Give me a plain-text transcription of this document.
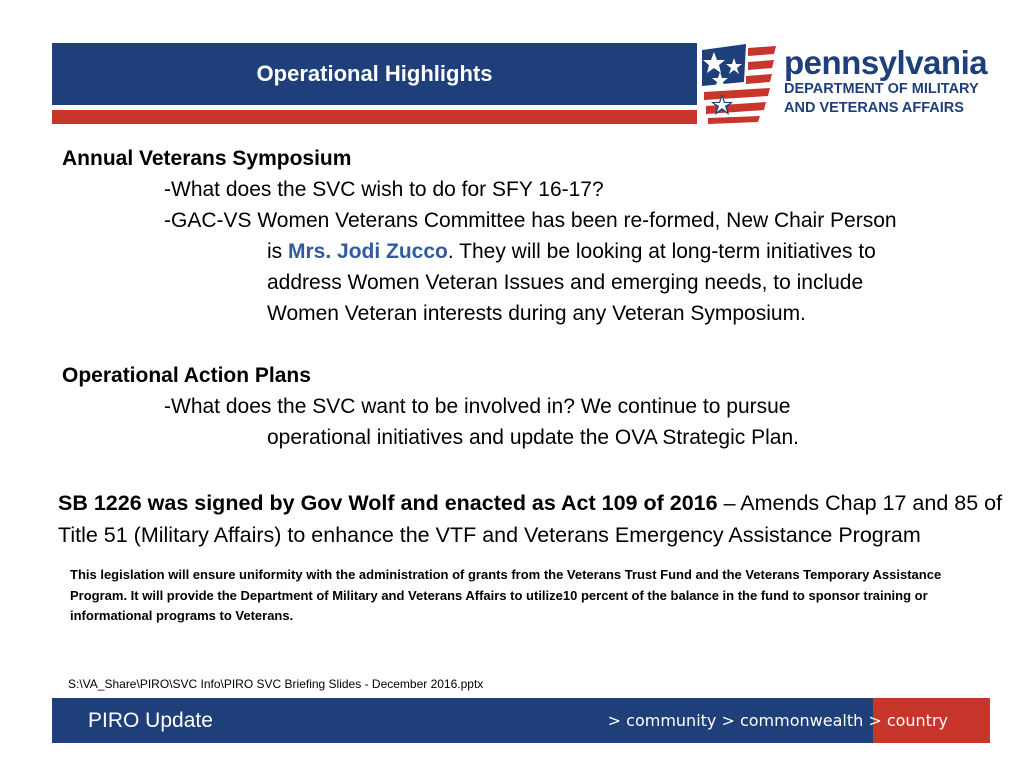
Operational Highlights	pennsylvania
DEPARTMENT OF MILITARY
AND VETERANS AFFAIRS
Annual Veterans Symposium
-What does the SVC wish to do for SFY 16-17?
-GAC-VS Women Veterans Committee has been re-formed, New Chair Person
is Mrs. Jodi Zucco. They will be looking at long-term initiatives to
address Women Veteran Issues and emerging needs, to include
Women Veteran interests during any Veteran Symposium.
Operational Action Plans
-What does the SVC want to be involved in? We continue to pursue
operational initiatives and update the OVA Strategic Plan.
SB 1226 was signed by Gov Wolf and enacted as Act 109 of 2016 – Amends Chap 17 and 85 of Title 51 (Military Affairs) to enhance the VTF and Veterans Emergency Assistance Program
This legislation will ensure uniformity with the administration of grants from the Veterans Trust Fund and the Veterans Temporary Assistance Program. It will provide the Department of Military and Veterans Affairs to utilize10 percent of the balance in the fund to sponsor training or informational programs to Veterans.
S:\VA_Share\PIRO\SVC Info\PIRO SVC Briefing Slides - December 2016.pptx
PIRO Update	> community > commonwealth > country
